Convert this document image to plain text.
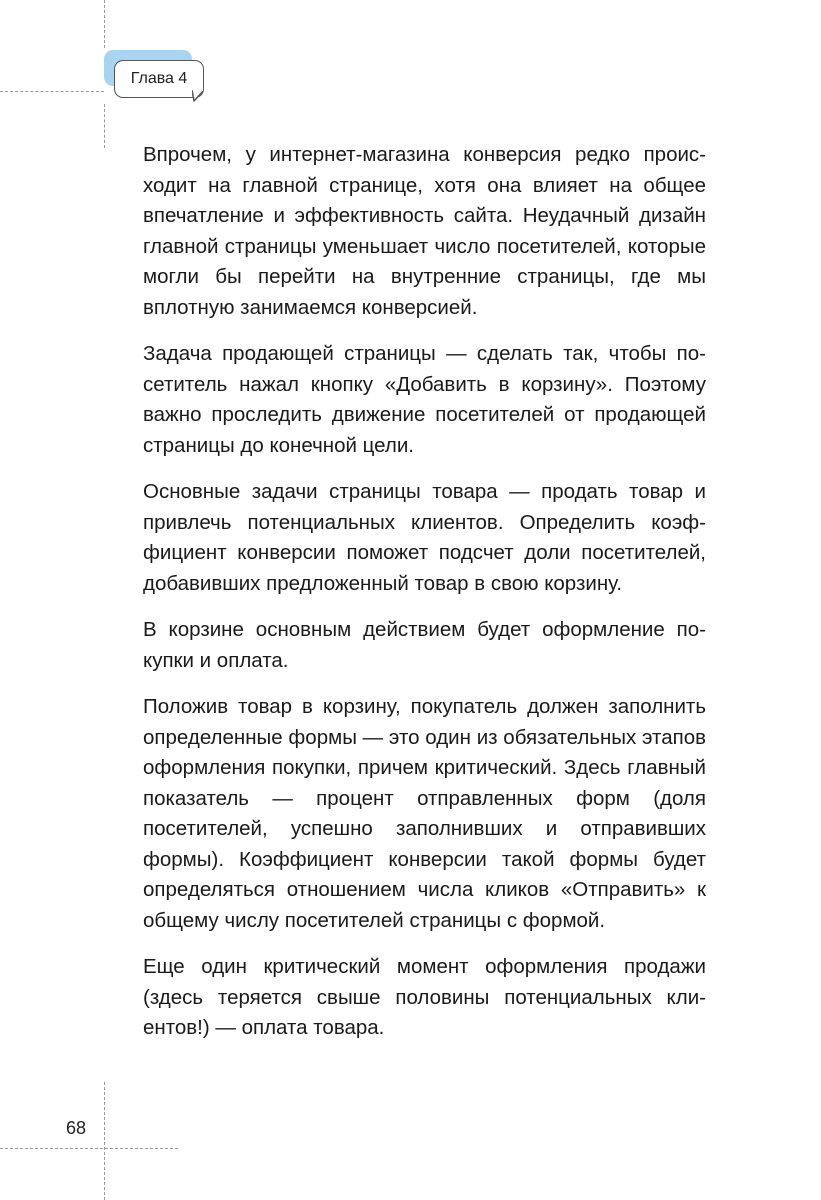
Глава 4

Впрочем, у интернет-магазина конверсия редко происходит на главной странице, хотя она влияет на общее впечатление и эффективность сайта. Неудачный дизайн главной страницы уменьшает число посетителей, которые могли бы перейти на внутренние страницы, где мы вплотную занимаемся конверсией.

Задача продающей страницы — сделать так, чтобы посетитель нажал кнопку «Добавить в корзину». Поэтому важно проследить движение посетителей от продающей страницы до конечной цели.

Основные задачи страницы товара — продать товар и привлечь потенциальных клиентов. Определить коэффициент конверсии поможет подсчет доли посетителей, добавивших предложенный товар в свою корзину.

В корзине основным действием будет оформление покупки и оплата.

Положив товар в корзину, покупатель должен заполнить определенные формы — это один из обязательных этапов оформления покупки, причем критический. Здесь главный показатель — процент отправленных форм (доля посетителей, успешно заполнивших и отправивших формы). Коэффициент конверсии такой формы будет определяться отношением числа кликов «Отправить» к общему числу посетителей страницы с формой.

Еще один критический момент оформления продажи (здесь теряется свыше половины потенциальных клиентов!) — оплата товара.

68
